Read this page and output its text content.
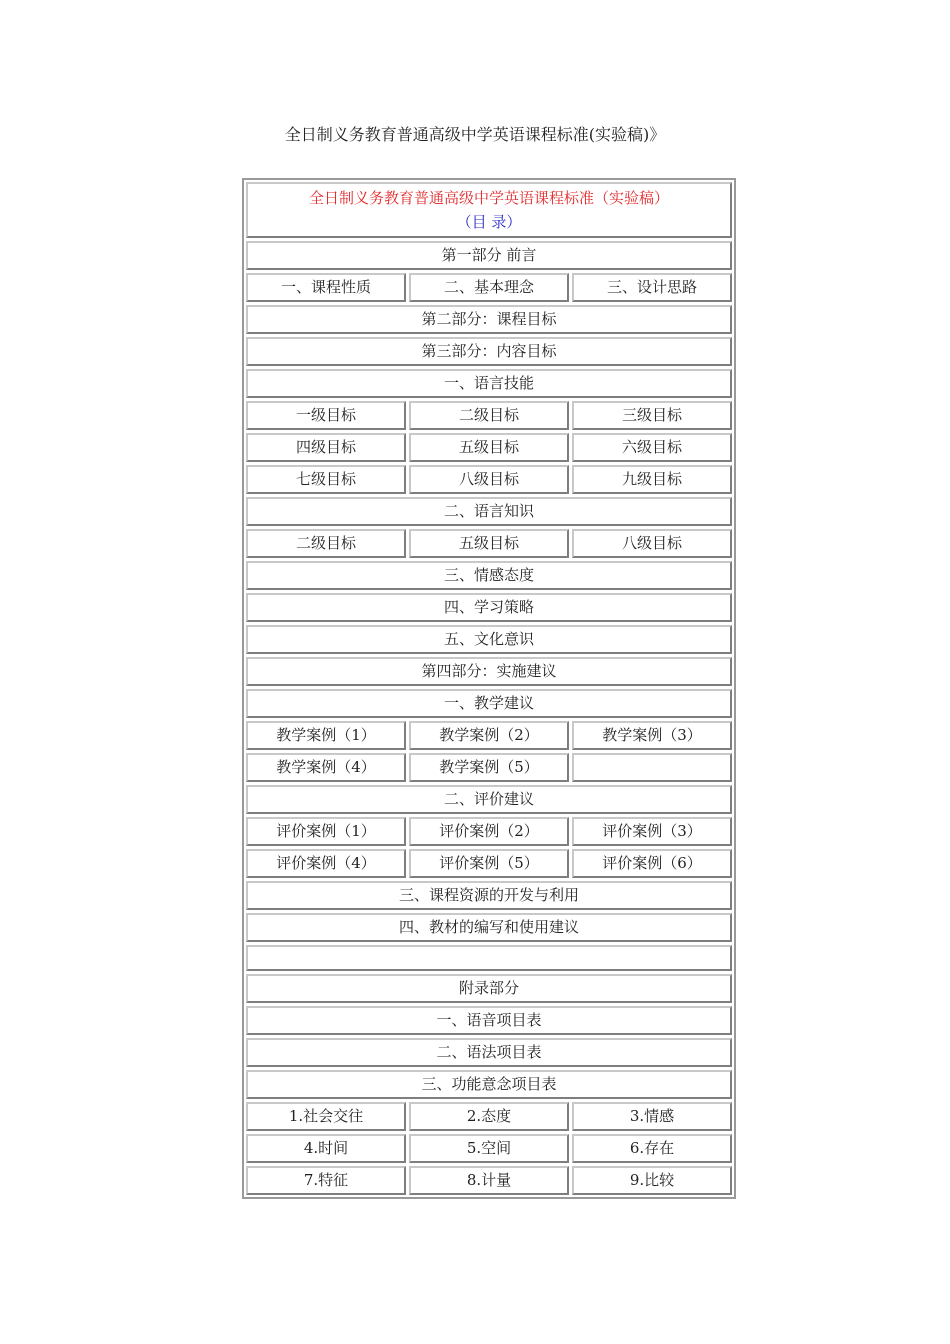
全日制义务教育普通高级中学英语课程标准(实验稿)》
全日制义务教育普通高级中学英语课程标准（实验稿）
（目 录）
第一部分 前言
一、课程性质	二、基本理念	三、设计思路
第二部分：课程目标
第三部分：内容目标
一、语言技能
一级目标	二级目标	三级目标
四级目标	五级目标	六级目标
七级目标	八级目标	九级目标
二、语言知识
二级目标	五级目标	八级目标
三、情感态度
四、学习策略
五、文化意识
第四部分：实施建议
一、教学建议
教学案例（1）	教学案例（2）	教学案例（3）
教学案例（4）	教学案例（5）
二、评价建议
评价案例（1）	评价案例（2）	评价案例（3）
评价案例（4）	评价案例（5）	评价案例（6）
三、课程资源的开发与利用
四、教材的编写和使用建议
附录部分
一、语音项目表
二、语法项目表
三、功能意念项目表
1.社会交往	2.态度	3.情感
4.时间	5.空间	6.存在
7.特征	8.计量	9.比较
